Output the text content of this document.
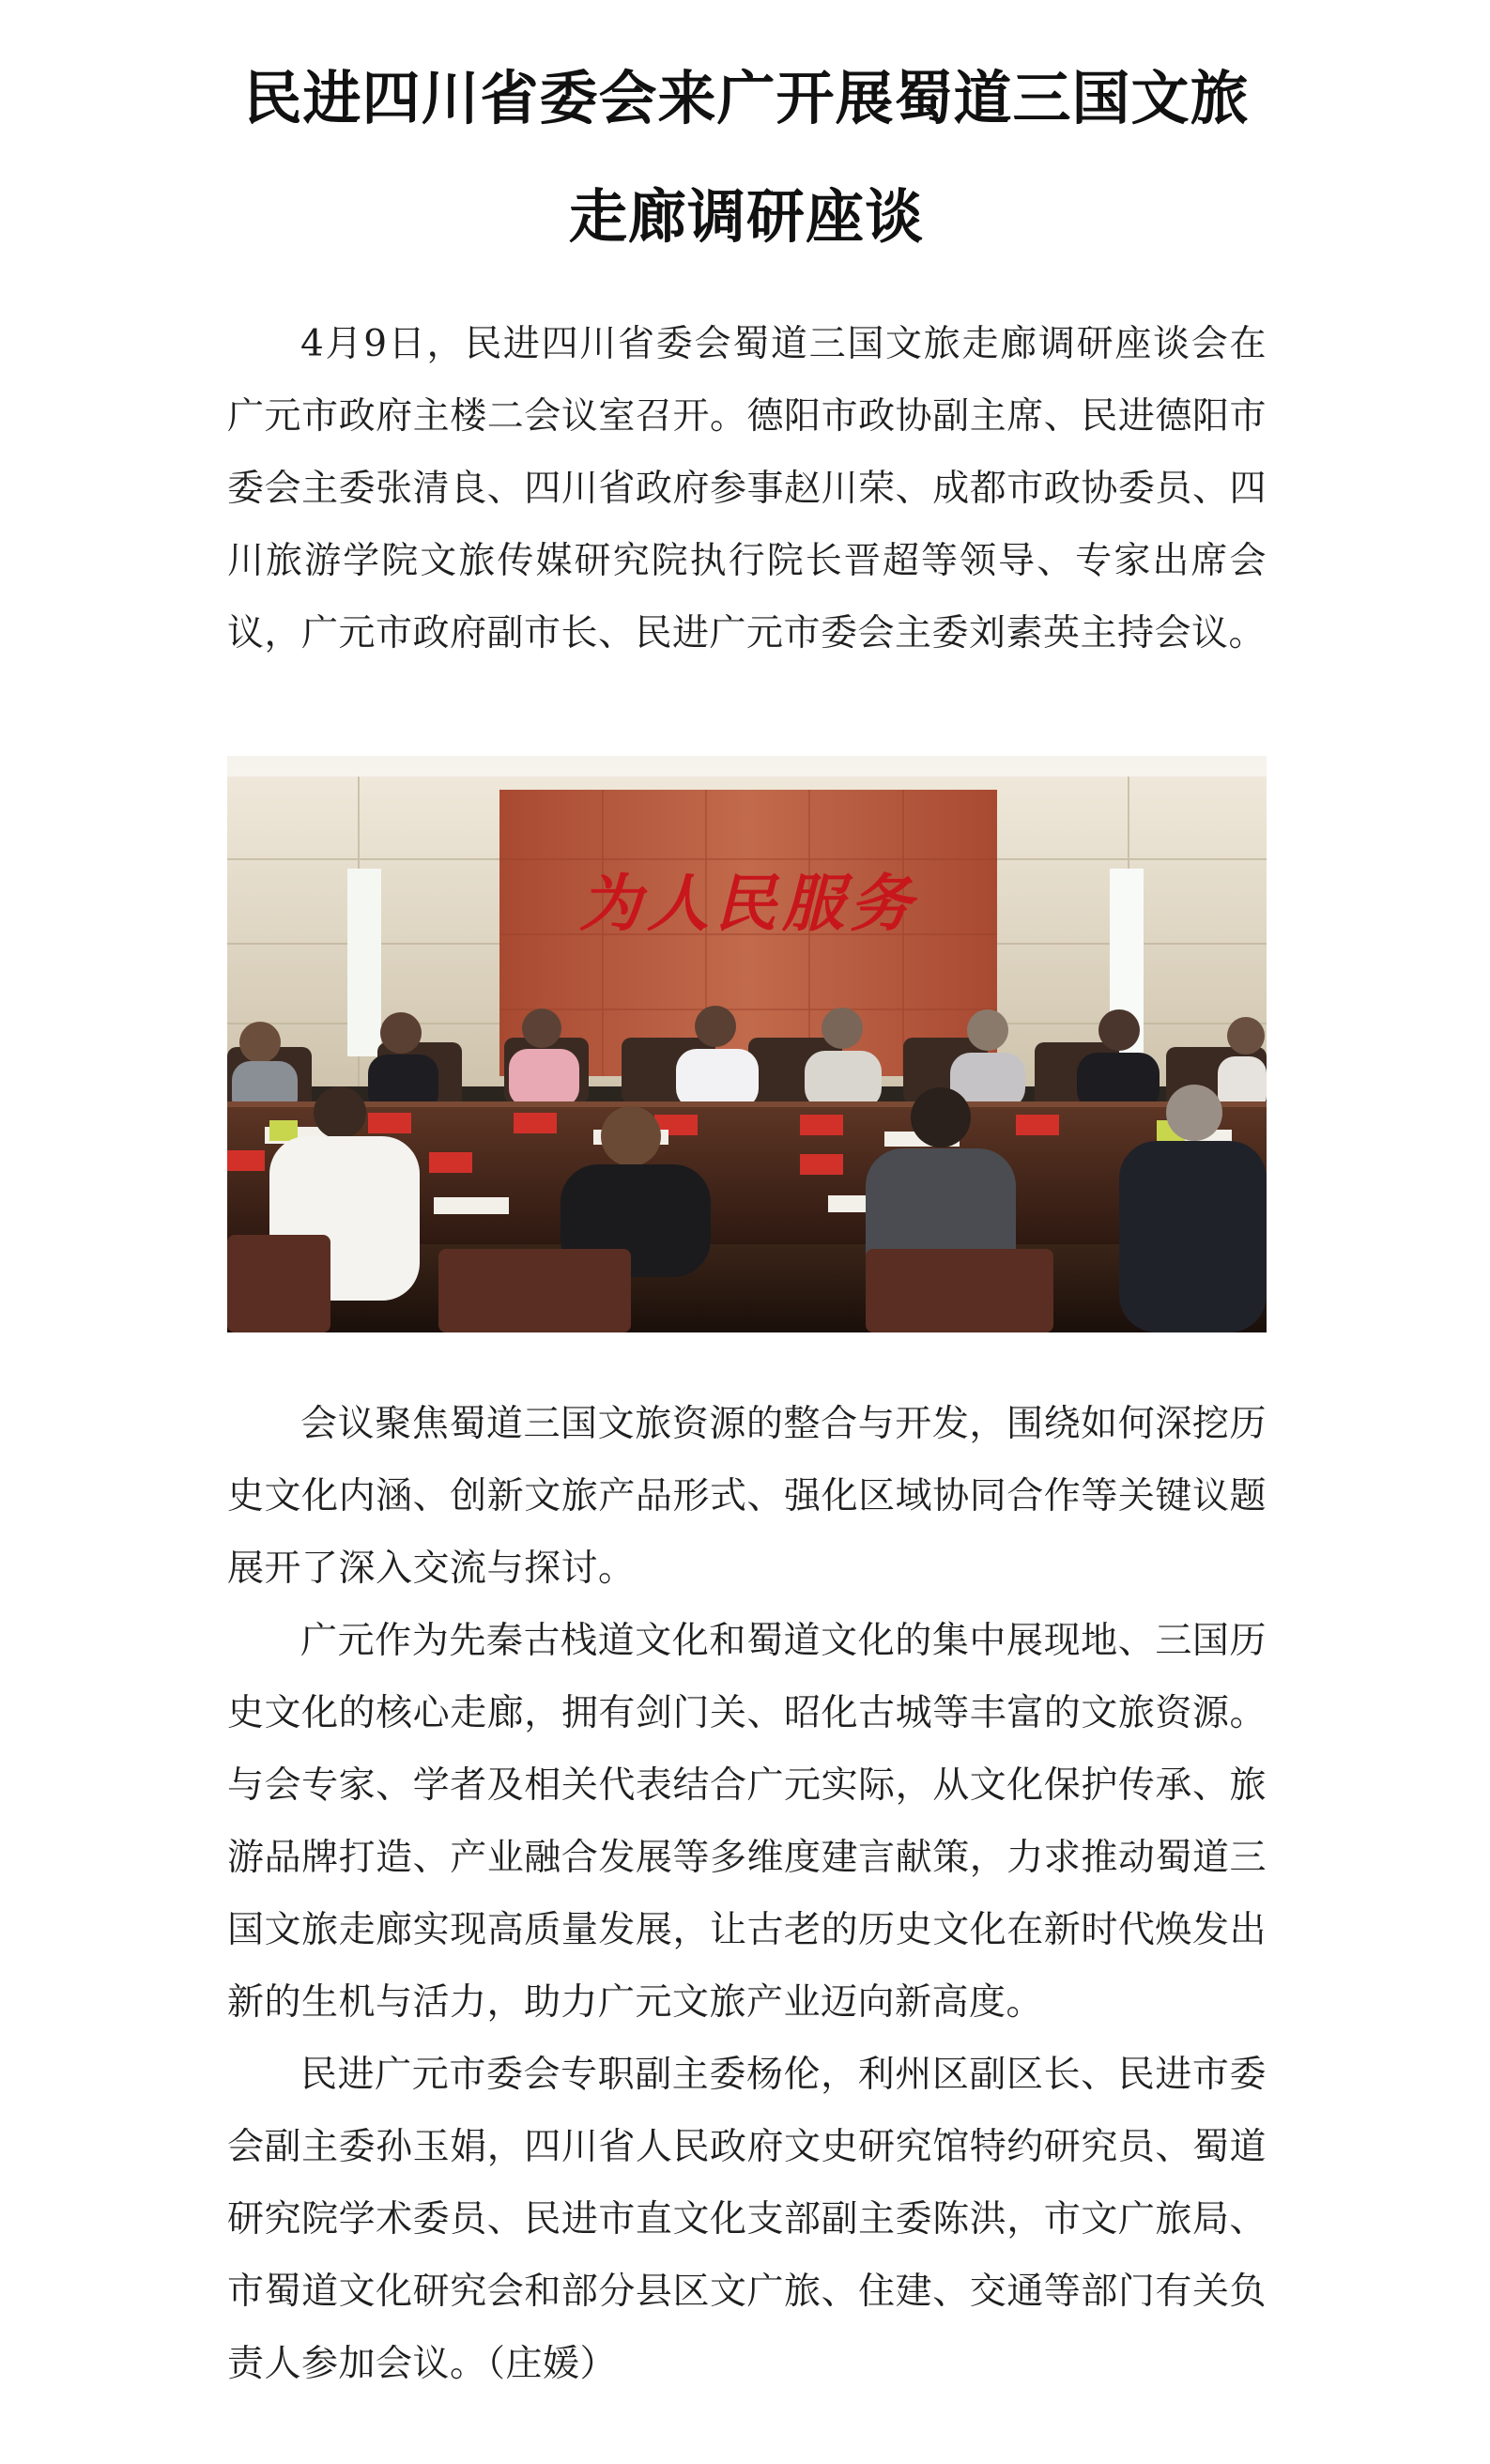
民进四川省委会来广开展蜀道三国文旅走廊调研座谈

4月9日，民进四川省委会蜀道三国文旅走廊调研座谈会在广元市政府主楼二会议室召开。德阳市政协副主席、民进德阳市委会主委张清良、四川省政府参事赵川荣、成都市政协委员、四川旅游学院文旅传媒研究院执行院长晋超等领导、专家出席会议，广元市政府副市长、民进广元市委会主委刘素英主持会议。

为人民服务

会议聚焦蜀道三国文旅资源的整合与开发，围绕如何深挖历史文化内涵、创新文旅产品形式、强化区域协同合作等关键议题展开了深入交流与探讨。

广元作为先秦古栈道文化和蜀道文化的集中展现地、三国历史文化的核心走廊，拥有剑门关、昭化古城等丰富的文旅资源。与会专家、学者及相关代表结合广元实际，从文化保护传承、旅游品牌打造、产业融合发展等多维度建言献策，力求推动蜀道三国文旅走廊实现高质量发展，让古老的历史文化在新时代焕发出新的生机与活力，助力广元文旅产业迈向新高度。

民进广元市委会专职副主委杨伦，利州区副区长、民进市委会副主委孙玉娟，四川省人民政府文史研究馆特约研究员、蜀道研究院学术委员、民进市直文化支部副主委陈洪，市文广旅局、市蜀道文化研究会和部分县区文广旅、住建、交通等部门有关负责人参加会议。（庄媛）
